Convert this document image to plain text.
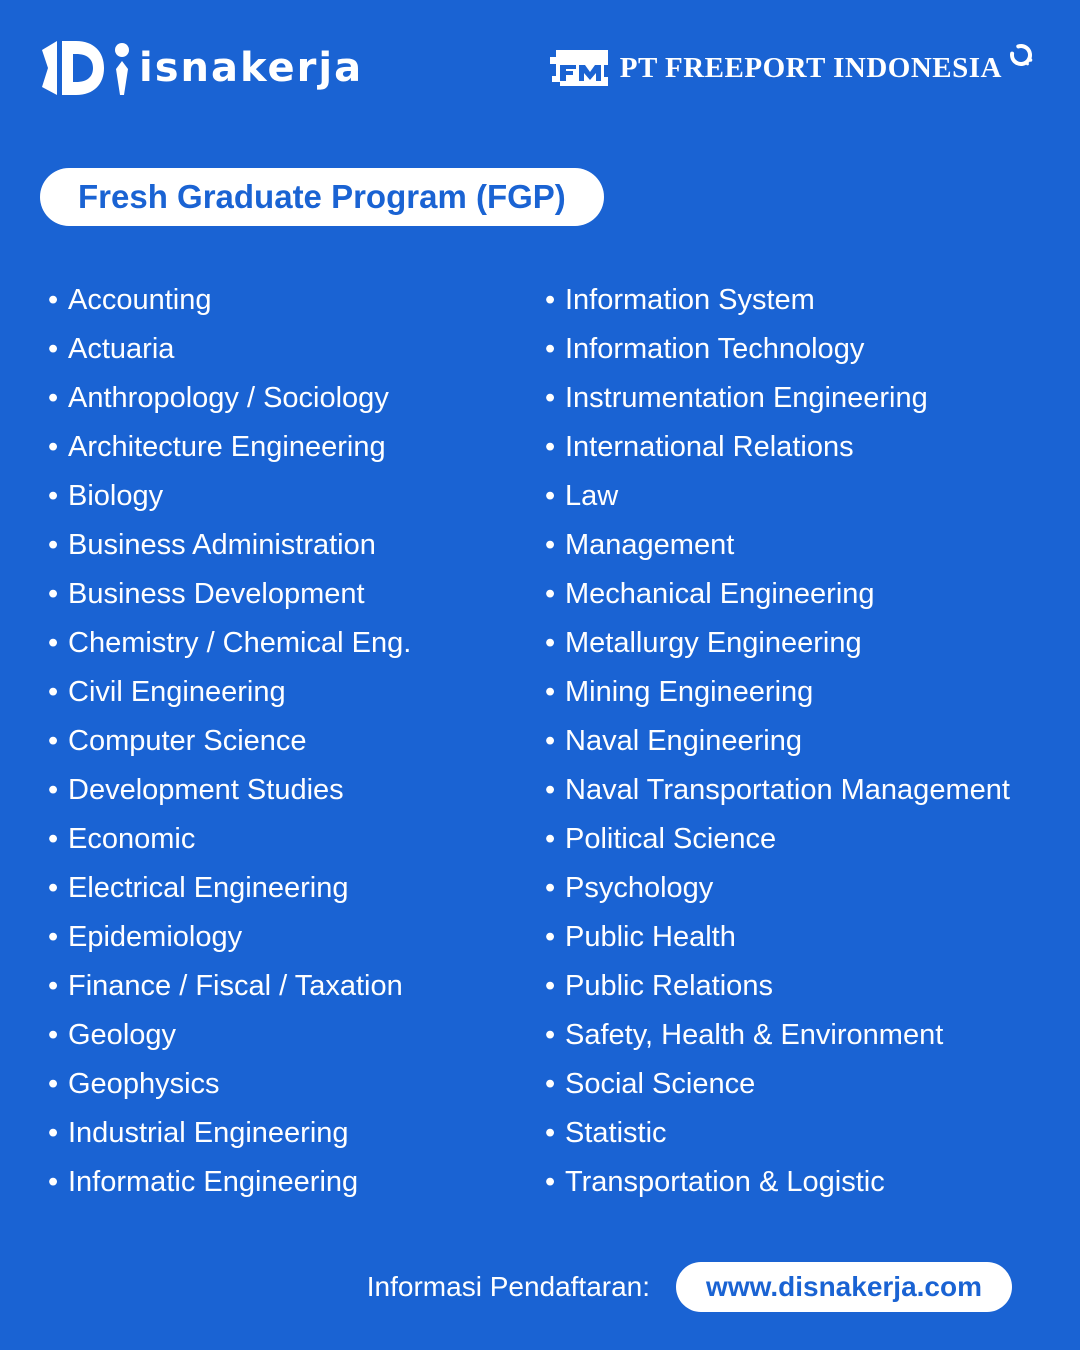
isnakerja	PT FREEPORT INDONESIA
Fresh Graduate Program (FGP)
• Accounting
• Actuaria
• Anthropology / Sociology
• Architecture Engineering
• Biology
• Business Administration
• Business Development
• Chemistry / Chemical Eng.
• Civil Engineering
• Computer Science
• Development Studies
• Economic
• Electrical Engineering
• Epidemiology
• Finance / Fiscal / Taxation
• Geology
• Geophysics
• Industrial Engineering
• Informatic Engineering
• Information System
• Information Technology
• Instrumentation Engineering
• International Relations
• Law
• Management
• Mechanical Engineering
• Metallurgy Engineering
• Mining Engineering
• Naval Engineering
• Naval Transportation Management
• Political Science
• Psychology
• Public Health
• Public Relations
• Safety, Health & Environment
• Social Science
• Statistic
• Transportation & Logistic
Informasi Pendaftaran: www.disnakerja.com
